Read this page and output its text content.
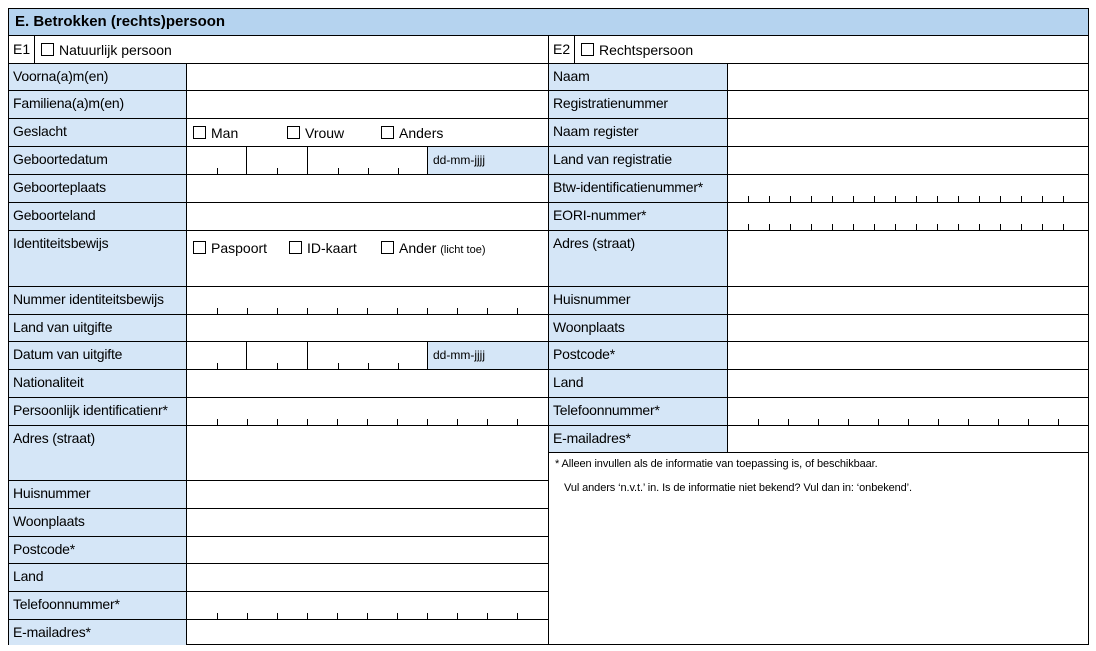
E. Betrokken (rechts)persoon
E1	Natuurlijk persoon
Voorna(a)m(en)
Familiena(a)m(en)
Geslacht	Man	Vrouw	Anders
Geboortedatum	dd-mm-jjjj
Geboorteplaats
Geboorteland
Identiteitsbewijs	Paspoort	ID-kaart	Ander (licht toe)
Nummer identiteitsbewijs
Land van uitgifte
Datum van uitgifte	dd-mm-jjjj
Nationaliteit
Persoonlijk identificatienr*
Adres (straat)
Huisnummer
Woonplaats
Postcode*
Land
Telefoonnummer*
E-mailadres*
E2	Rechtspersoon
Naam
Registratienummer
Naam register
Land van registratie
Btw-identificatienummer*
EORI-nummer*
Adres (straat)
Huisnummer
Woonplaats
Postcode*
Land
Telefoonnummer*
E-mailadres*
* Alleen invullen als de informatie van toepassing is, of beschikbaar.
Vul anders ‘n.v.t.’ in. Is de informatie niet bekend? Vul dan in: ‘onbekend’.
